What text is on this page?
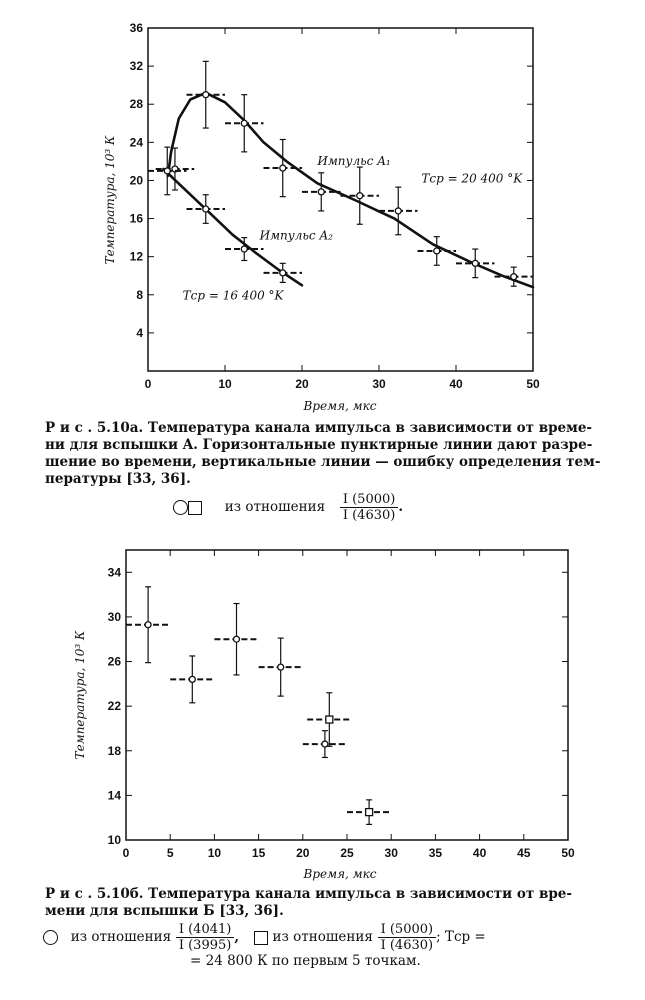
0	10	20	30	40	50
4
8
12
16
20
24
28
32
36
Время, мкс
Температура, 10³ К	Импульс A₁
Tср = 20 400 °K
Импульс A₂
Tср = 16 400 °K
Р и с . 5.10а. Температура канала импульса в зависимости от време-
ни для вспышки A. Горизонтальные пунктирные линии дают разре-
шение во времени, вертикальные линии — ошибку определения тем-
пературы [33, 36].
из отношения $\frac{I (5000)}{I (4630)}$ .
0	5	10	15	20	25	30	35	40	45	50
10
14
18
22
26
30
34
Время, мкс
Температура, 10³ К
Р и с . 5.10б. Температура канала импульса в зависимости от вре-
мени для вспышки Б [33, 36].
из отношения $\frac{I (4041)}{I (3995)}$ , из отношения $\frac{I (5000)}{I (4630)}$ ; Tср =
= 24 800 К по первым 5 точкам.
